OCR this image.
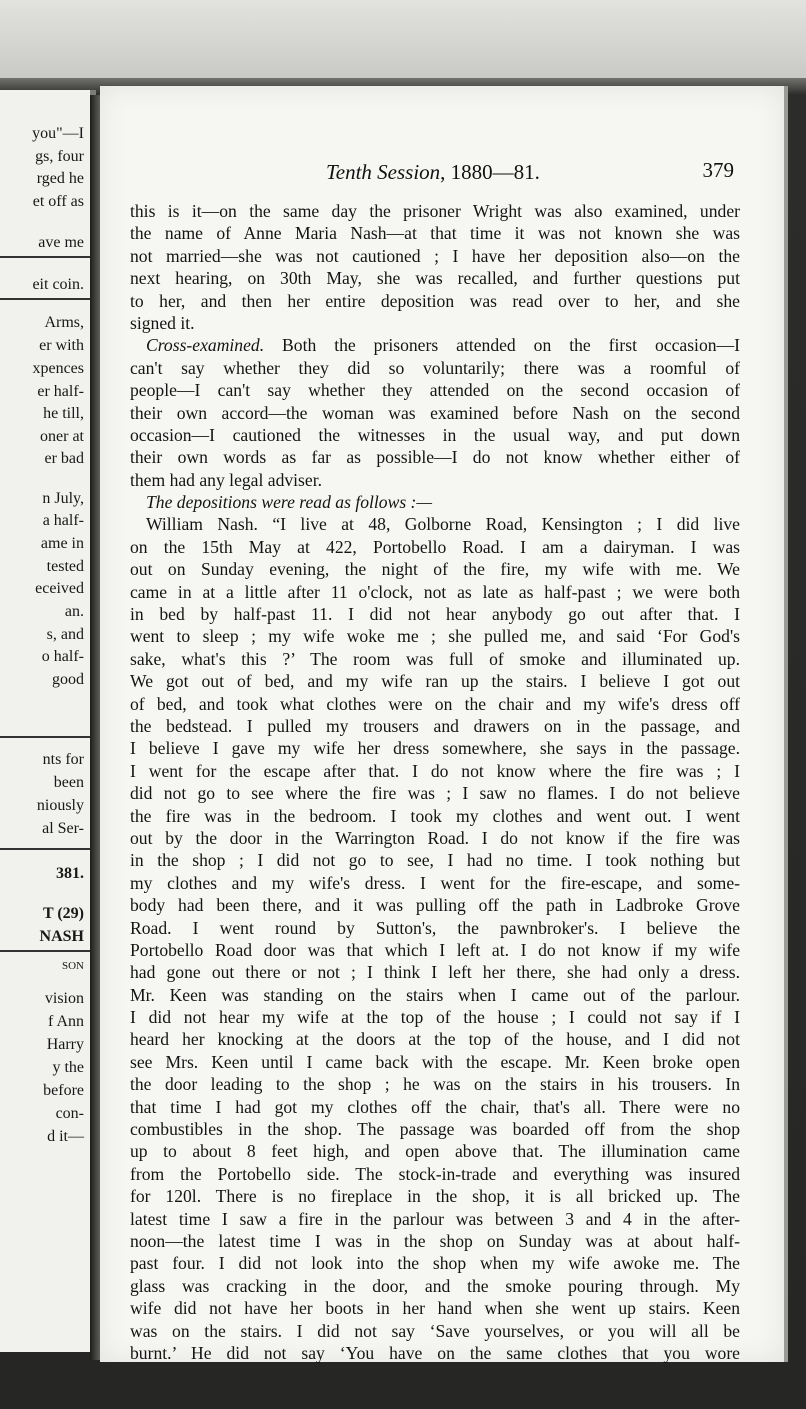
you"—I
gs, four
rged he
et off as
ave me
eit coin.
Arms,
er with
xpences
er half-
he till,
oner at
er bad
n July,
a half-
ame in
tested
eceived
an.
s, and
o half-
good
nts for
been
niously
al Ser-
381.
T (29)
NASH
SON
vision
f Ann
Harry
y the
before
con-
d it—
Tenth Session, 1880—81.	379
this is it—on the same day the prisoner Wright was also examined, under
the name of Anne Maria Nash—at that time it was not known she was
not married—she was not cautioned ; I have her deposition also—on the
next hearing, on 30th May, she was recalled, and further questions put
to her, and then her entire deposition was read over to her, and she
signed it.
Cross-examined. Both the prisoners attended on the first occasion—I
can't say whether they did so voluntarily; there was a roomful of
people—I can't say whether they attended on the second occasion of
their own accord—the woman was examined before Nash on the second
occasion—I cautioned the witnesses in the usual way, and put down
their own words as far as possible—I do not know whether either of
them had any legal adviser.
The depositions were read as follows :—
William Nash. “I live at 48, Golborne Road, Kensington ; I did live
on the 15th May at 422, Portobello Road. I am a dairyman. I was
out on Sunday evening, the night of the fire, my wife with me. We
came in at a little after 11 o'clock, not as late as half-past ; we were both
in bed by half-past 11. I did not hear anybody go out after that. I
went to sleep ; my wife woke me ; she pulled me, and said ‘For God's
sake, what's this ?’ The room was full of smoke and illuminated up.
We got out of bed, and my wife ran up the stairs. I believe I got out
of bed, and took what clothes were on the chair and my wife's dress off
the bedstead. I pulled my trousers and drawers on in the passage, and
I believe I gave my wife her dress somewhere, she says in the passage.
I went for the escape after that. I do not know where the fire was ; I
did not go to see where the fire was ; I saw no flames. I do not believe
the fire was in the bedroom. I took my clothes and went out. I went
out by the door in the Warrington Road. I do not know if the fire was
in the shop ; I did not go to see, I had no time. I took nothing but
my clothes and my wife's dress. I went for the fire-escape, and some-
body had been there, and it was pulling off the path in Ladbroke Grove
Road. I went round by Sutton's, the pawnbroker's. I believe the
Portobello Road door was that which I left at. I do not know if my wife
had gone out there or not ; I think I left her there, she had only a dress.
Mr. Keen was standing on the stairs when I came out of the parlour.
I did not hear my wife at the top of the house ; I could not say if I
heard her knocking at the doors at the top of the house, and I did not
see Mrs. Keen until I came back with the escape. Mr. Keen broke open
the door leading to the shop ; he was on the stairs in his trousers. In
that time I had got my clothes off the chair, that's all. There were no
combustibles in the shop. The passage was boarded off from the shop
up to about 8 feet high, and open above that. The illumination came
from the Portobello side. The stock-in-trade and everything was insured
for 120l. There is no fireplace in the shop, it is all bricked up. The
latest time I saw a fire in the parlour was between 3 and 4 in the after-
noon—the latest time I was in the shop on Sunday was at about half-
past four. I did not look into the shop when my wife awoke me. The
glass was cracking in the door, and the smoke pouring through. My
wife did not have her boots in her hand when she went up stairs. Keen
was on the stairs. I did not say ‘Save yourselves, or you will all be
burnt.’ He did not say ‘You have on the same clothes that you wore
